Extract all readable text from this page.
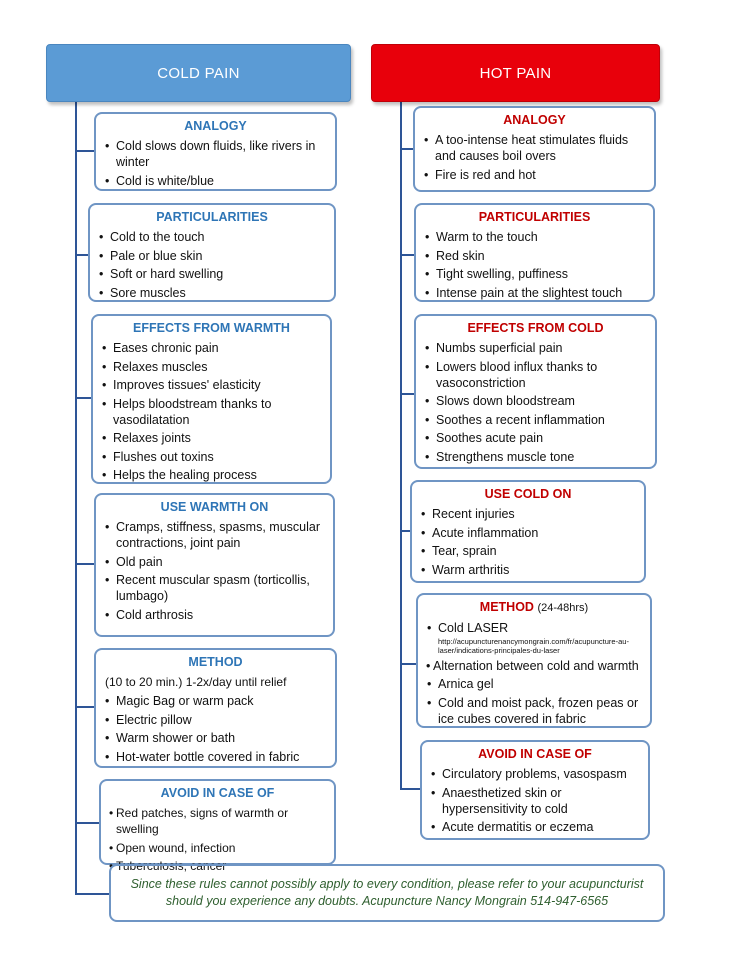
COLD PAIN	HOT PAIN
ANALOGY
• Cold slows down fluids, like rivers in winter
• Cold is white/blue
PARTICULARITIES
• Cold to the touch
• Pale or blue skin
• Soft or hard swelling
• Sore muscles
EFFECTS FROM WARMTH
• Eases chronic pain
• Relaxes muscles
• Improves tissues' elasticity
• Helps bloodstream thanks to vasodilatation
• Relaxes joints
• Flushes out toxins
• Helps the healing process
USE WARMTH ON
• Cramps, stiffness, spasms, muscular contractions, joint pain
• Old pain
• Recent muscular spasm (torticollis, lumbago)
• Cold arthrosis
METHOD
(10 to 20 min.) 1-2x/day until relief
• Magic Bag or warm pack
• Electric pillow
• Warm shower or bath
• Hot-water bottle covered in fabric
AVOID IN CASE OF
• Red patches, signs of warmth or swelling
• Open wound, infection
• Tuberculosis, cancer
ANALOGY
• A too-intense heat stimulates fluids and causes boil overs
• Fire is red and hot
PARTICULARITIES
• Warm to the touch
• Red skin
• Tight swelling, puffiness
• Intense pain at the slightest touch
EFFECTS FROM COLD
• Numbs superficial pain
• Lowers blood influx thanks to vasoconstriction
• Slows down bloodstream
• Soothes a recent inflammation
• Soothes acute pain
• Strengthens muscle tone
USE COLD ON
• Recent injuries
• Acute inflammation
• Tear, sprain
• Warm arthritis
METHOD (24-48hrs)
• Cold LASER
http://acupuncturenancymongrain.com/fr/acupuncture-au-laser/indications-principales-du-laser
• Alternation between cold and warmth
• Arnica gel
• Cold and moist pack, frozen peas or ice cubes covered in fabric
AVOID IN CASE OF
• Circulatory problems, vasospasm
• Anaesthetized skin or hypersensitivity to cold
• Acute dermatitis or eczema
Since these rules cannot possibly apply to every condition, please refer to your acupuncturist
should you experience any doubts. Acupuncture Nancy Mongrain 514-947-6565
